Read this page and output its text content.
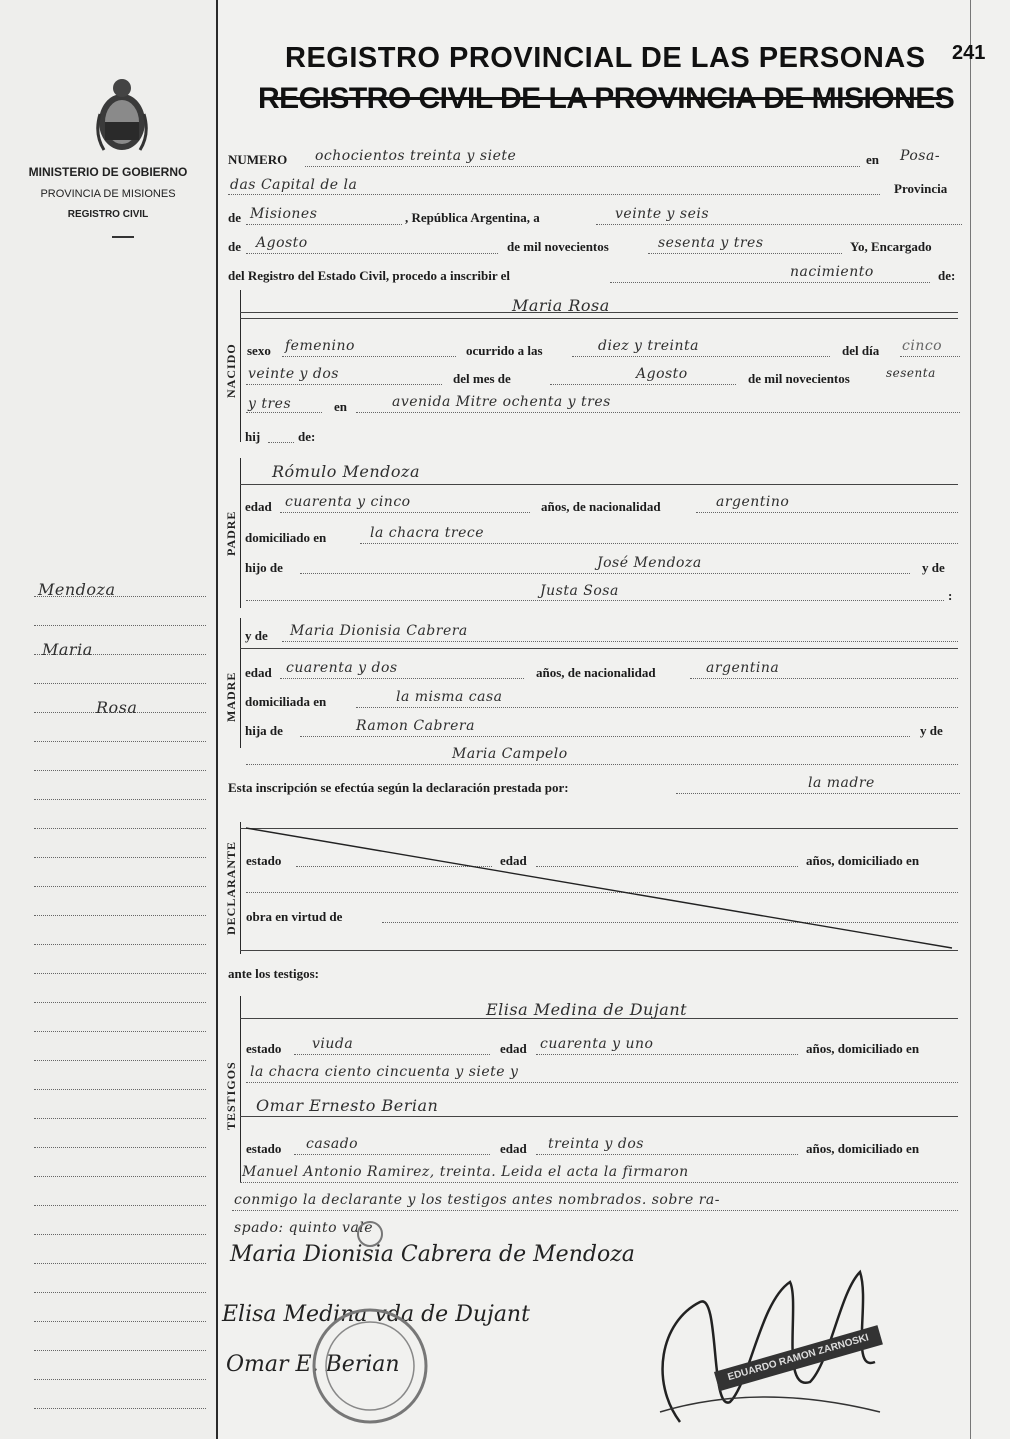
MINISTERIO DE GOBIERNO
PROVINCIA DE MISIONES
REGISTRO CIVIL
Mendoza
Maria
Rosa
REGISTRO PROVINCIAL DE LAS PERSONAS
REGISTRO CIVIL DE LA PROVINCIA DE MISIONES
241
NUMERO ochocientos treinta y siete	en Posa-
das Capital de la	Provincia
de Misiones	, República Argentina, a	veinte y seis
de Agosto	de mil novecientos	sesenta y tres	Yo, Encargado
del Registro del Estado Civil, procedo a inscribir el	nacimiento	de:
NACIDO
Maria Rosa
sexo femenino	ocurrido a las	diez y treinta	del día cinco
veinte y dos	del mes de	Agosto	de mil novecientos	sesenta
y tres	en	avenida Mitre ochenta y tres
hij	de:
PADRE
Rómulo Mendoza
edad cuarenta y cinco	años, de nacionalidad	argentino
domiciliado en	la chacra trece
hijo de	José Mendoza	y de
Justa Sosa	:
MADRE
y de Maria Dionisia Cabrera
edad cuarenta y dos	años, de nacionalidad	argentina
domiciliada en	la misma casa
hija de	Ramon Cabrera	y de
Maria Campelo
Esta inscripción se efectúa según la declaración prestada por:	la madre
DECLARANTE estado	edad	años, domiciliado en
obra en virtud de
ante los testigos:
TESTIGOS
Elisa Medina de Dujant
estado viuda	edad cuarenta y uno	años, domiciliado en
la chacra ciento cincuenta y siete y
Omar Ernesto Berian
estado casado	edad treinta y dos	años, domiciliado en
Manuel Antonio Ramirez, treinta. Leida el acta la firmaron
conmigo la declarante y los testigos antes nombrados. sobre ra-
spado: quinto vale
Maria Dionisia Cabrera de Mendoza
Elisa Medina vda de Dujant
Omar E. Berian	EDUARDO RAMON ZARNOSKI
